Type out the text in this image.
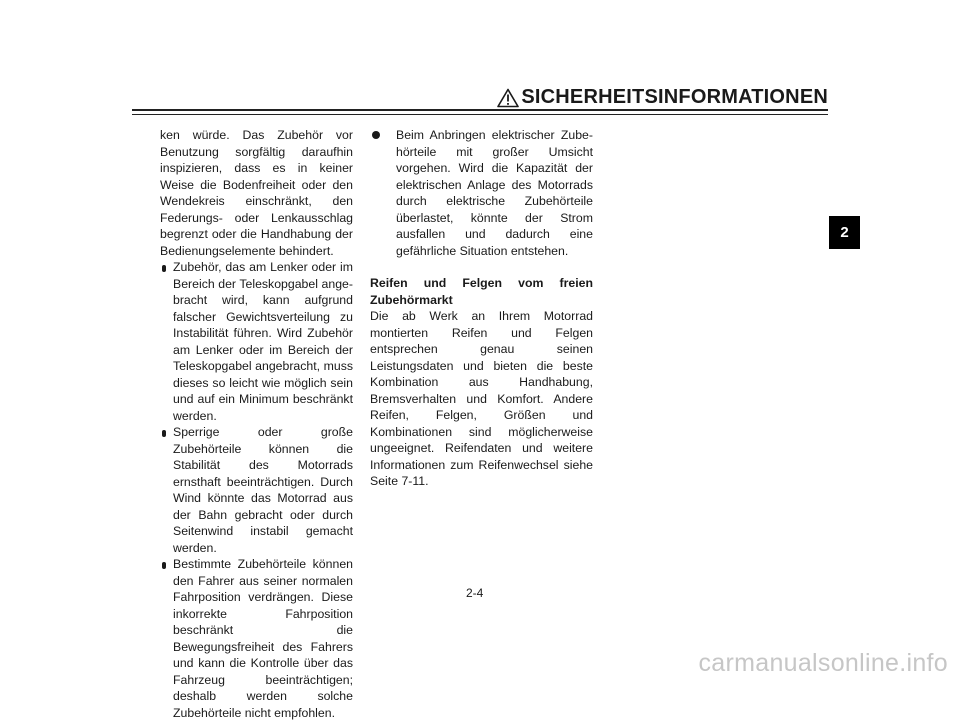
SICHERHEITSINFORMATIONEN
2

ken würde. Das Zubehör vor Benutzung sorgfältig daraufhin inspizieren, dass es in keiner Weise die Bodenfreiheit oder den Wendekreis einschränkt, den Federungs- oder Lenkausschlag begrenzt oder die Handhabung der Bedienungselemente behindert.

Zubehör, das am Lenker oder im Bereich der Teleskopgabel angebracht wird, kann aufgrund falscher Gewichtsverteilung zu Instabilität führen. Wird Zubehör am Lenker oder im Bereich der Teleskopgabel angebracht, muss dieses so leicht wie möglich sein und auf ein Minimum beschränkt werden.
Sperrige oder große Zubehörteile können die Stabilität des Motorrads ernsthaft beeinträchtigen. Durch Wind könnte das Motorrad aus der Bahn gebracht oder durch Seitenwind instabil gemacht werden.
Bestimmte Zubehörteile können den Fahrer aus seiner normalen Fahrposition verdrängen. Diese inkorrekte Fahrposition beschränkt die Bewegungsfreiheit des Fahrers und kann die Kontrolle über das Fahrzeug beeinträchtigen; deshalb werden solche Zubehörteile nicht empfohlen.
Beim Anbringen elektrischer Zubehörteile mit großer Umsicht vorgehen. Wird die Kapazität der elektrischen Anlage des Motorrads durch elektrische Zubehörteile überlastet, könnte der Strom ausfallen und dadurch eine gefährliche Situation entstehen.

Reifen und Felgen vom freien Zubehörmarkt

Die ab Werk an Ihrem Motorrad montierten Reifen und Felgen entsprechen genau seinen Leistungsdaten und bieten die beste Kombination aus Handhabung, Bremsverhalten und Komfort. Andere Reifen, Felgen, Größen und Kombinationen sind möglicherweise ungeeignet. Reifendaten und weitere Informationen zum Reifenwechsel siehe Seite 7-11.

2-4
carmanualsonline.info
